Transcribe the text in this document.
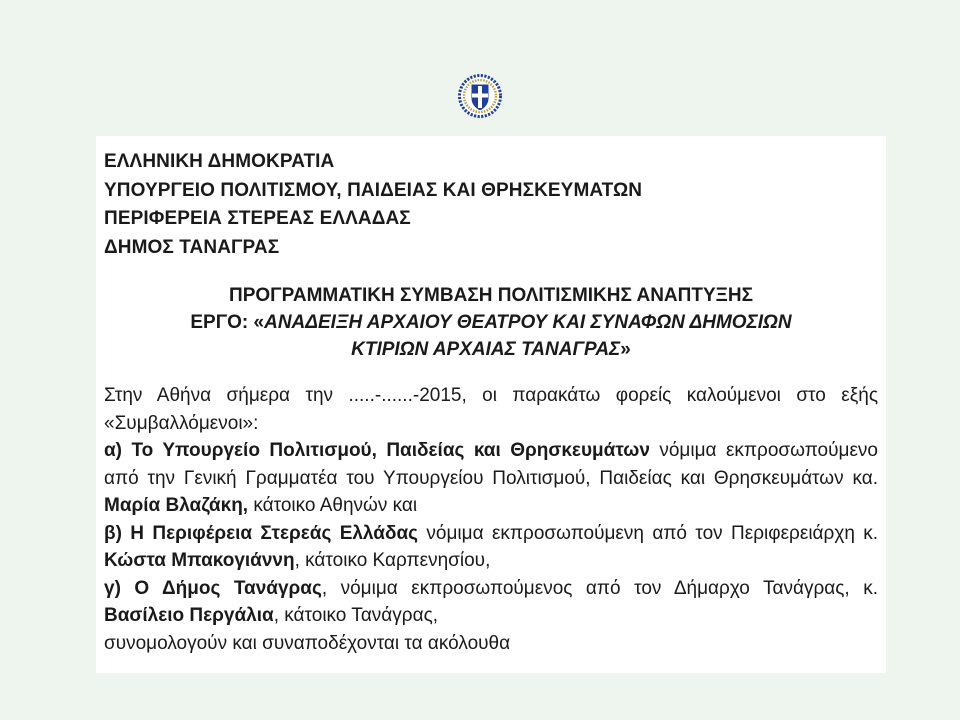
ΕΛΛΗΝΙΚΗ ΔΗΜΟΚΡΑΤΙΑ
ΥΠΟΥΡΓΕΙΟ ΠΟΛΙΤΙΣΜΟΥ, ΠΑΙΔΕΙΑΣ ΚΑΙ ΘΡΗΣΚΕΥΜΑΤΩΝ
ΠΕΡΙΦΕΡΕΙΑ ΣΤΕΡΕΑΣ ΕΛΛΑΔΑΣ
ΔΗΜΟΣ ΤΑΝΑΓΡΑΣ
ΠΡΟΓΡΑΜΜΑΤΙΚΗ ΣΥΜΒΑΣΗ ΠΟΛΙΤΙΣΜΙΚΗΣ ΑΝΑΠΤΥΞΗΣ
ΕΡΓΟ: «ΑΝΑΔΕΙΞΗ ΑΡΧΑΙΟΥ ΘΕΑΤΡΟΥ ΚΑΙ ΣΥΝΑΦΩΝ ΔΗΜΟΣΙΩΝ
ΚΤΙΡΙΩΝ ΑΡΧΑΙΑΣ ΤΑΝΑΓΡΑΣ»

Στην Αθήνα σήμερα την .....-......-2015, οι παρακάτω φορείς καλούμενοι στο εξής «Συμβαλλόμενοι»:

α) Το Υπουργείο Πολιτισμού, Παιδείας και Θρησκευμάτων νόμιμα εκπροσωπούμενο από την Γενική Γραμματέα του Υπουργείου Πολιτισμού, Παιδείας και Θρησκευμάτων κα. Μαρία Βλαζάκη, κάτοικο Αθηνών και

β) Η Περιφέρεια Στερεάς Ελλάδας νόμιμα εκπροσωπούμενη από τον Περιφερειάρχη κ. Κώστα Μπακογιάννη, κάτοικο Καρπενησίου,

γ) Ο Δήμος Τανάγρας, νόμιμα εκπροσωπούμενος από τον Δήμαρχο Τανάγρας, κ. Βασίλειο Περγάλια, κάτοικο Τανάγρας,

συνομολογούν και συναποδέχονται τα ακόλουθα
